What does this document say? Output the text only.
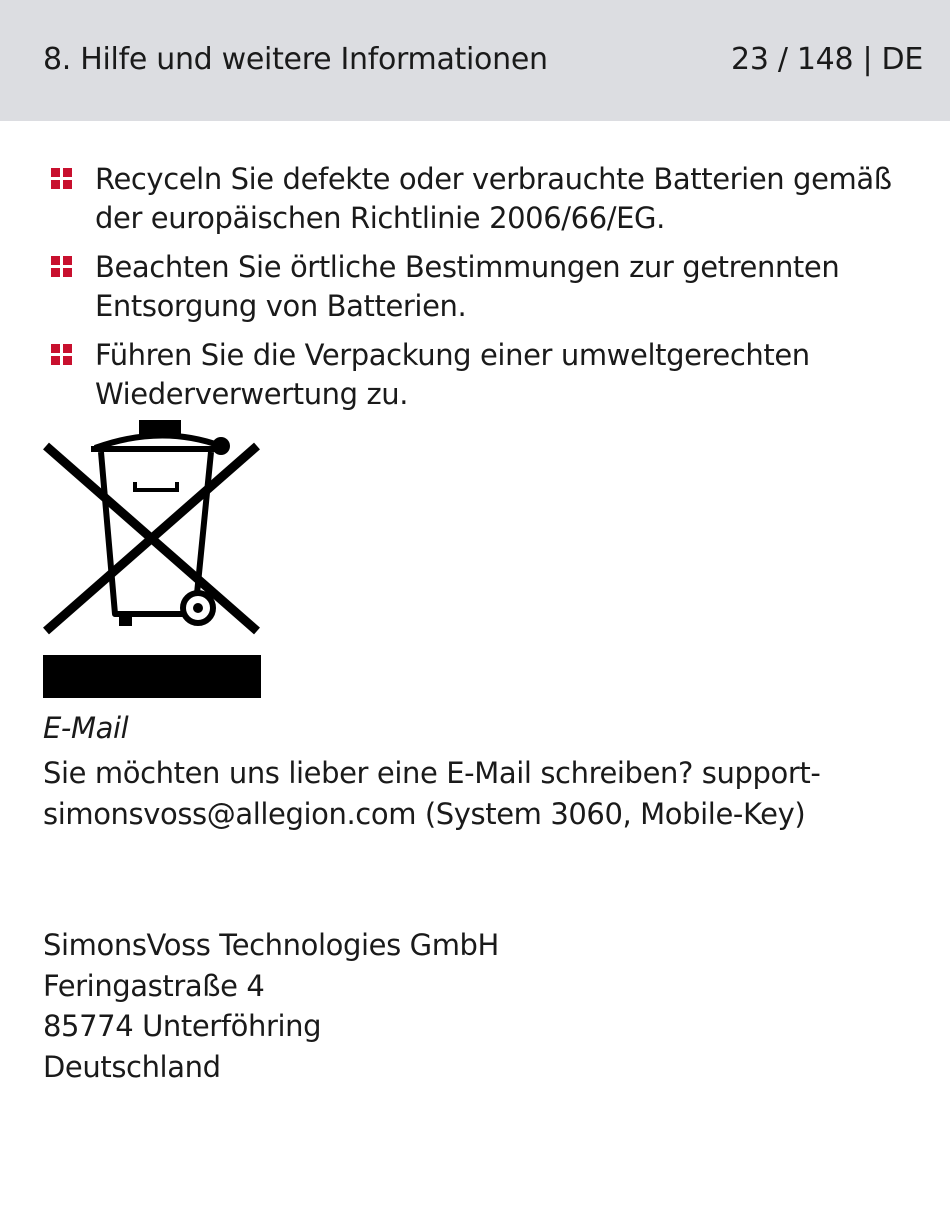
8. Hilfe und weitere Informationen	23 / 148 | DE
Recyceln Sie defekte oder verbrauchte Batterien gemäß der europäischen Richtlinie 2006/66/EG.
Beachten Sie örtliche Bestimmungen zur getrennten Entsorgung von Batterien.
Führen Sie die Verpackung einer umweltgerechten Wiederverwertung zu.
E-Mail
Sie möchten uns lieber eine E-Mail schreiben? support-simonsvoss@allegion.com (System 3060, Mobile-Key)
SimonsVoss Technologies GmbH
Feringastraße 4
85774 Unterföhring
Deutschland
